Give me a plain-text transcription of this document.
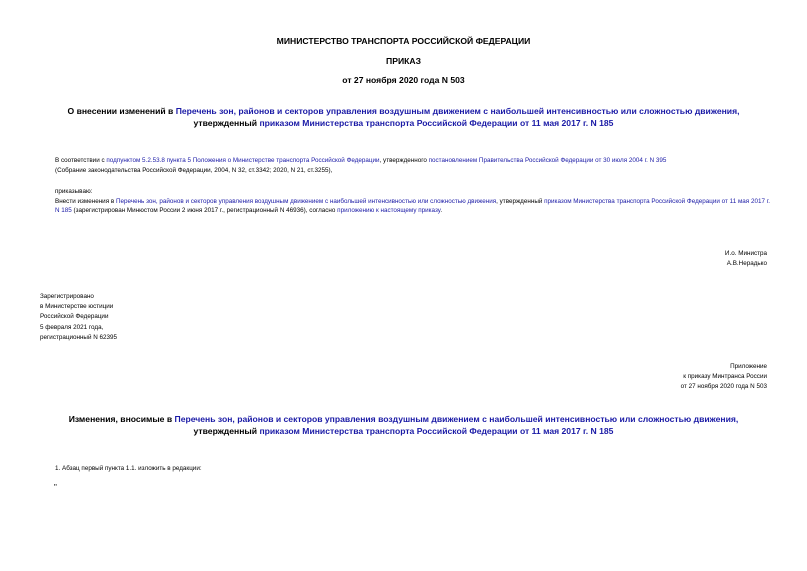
МИНИСТЕРСТВО ТРАНСПОРТА РОССИЙСКОЙ ФЕДЕРАЦИИ
ПРИКАЗ
от 27 ноября 2020 года N 503
О внесении изменений в Перечень зон, районов и секторов управления воздушным движением с наибольшей интенсивностью или сложностью движения,
утвержденный приказом Министерства транспорта Российской Федерации от 11 мая 2017 г. N 185
В соответствии с подпунктом 5.2.53.8 пункта 5 Положения о Министерстве транспорта Российской Федерации, утвержденного постановлением Правительства Российской Федерации от 30 июля 2004 г. N 395
(Собрание законодательства Российской Федерации, 2004, N 32, ст.3342; 2020, N 21, ст.3255),
приказываю:
Внести изменения в Перечень зон, районов и секторов управления воздушным движением с наибольшей интенсивностью или сложностью движения, утвержденный приказом Министерства транспорта Российской Федерации от 11 мая 2017 г. N 185 (зарегистрирован Минюстом России 2 июня 2017 г., регистрационный N 46936), согласно приложению к настоящему приказу.
И.о. Министра
А.В.Нерадько
Зарегистрировано
в Министерстве юстиции
Российской Федерации
5 февраля 2021 года,
регистрационный N 62395
Приложение
к приказу Минтранса России
от 27 ноября 2020 года N 503
Изменения, вносимые в Перечень зон, районов и секторов управления воздушным движением с наибольшей интенсивностью или сложностью движения,
утвержденный приказом Министерства транспорта Российской Федерации от 11 мая 2017 г. N 185
1. Абзац первый пункта 1.1. изложить в редакции:
"
